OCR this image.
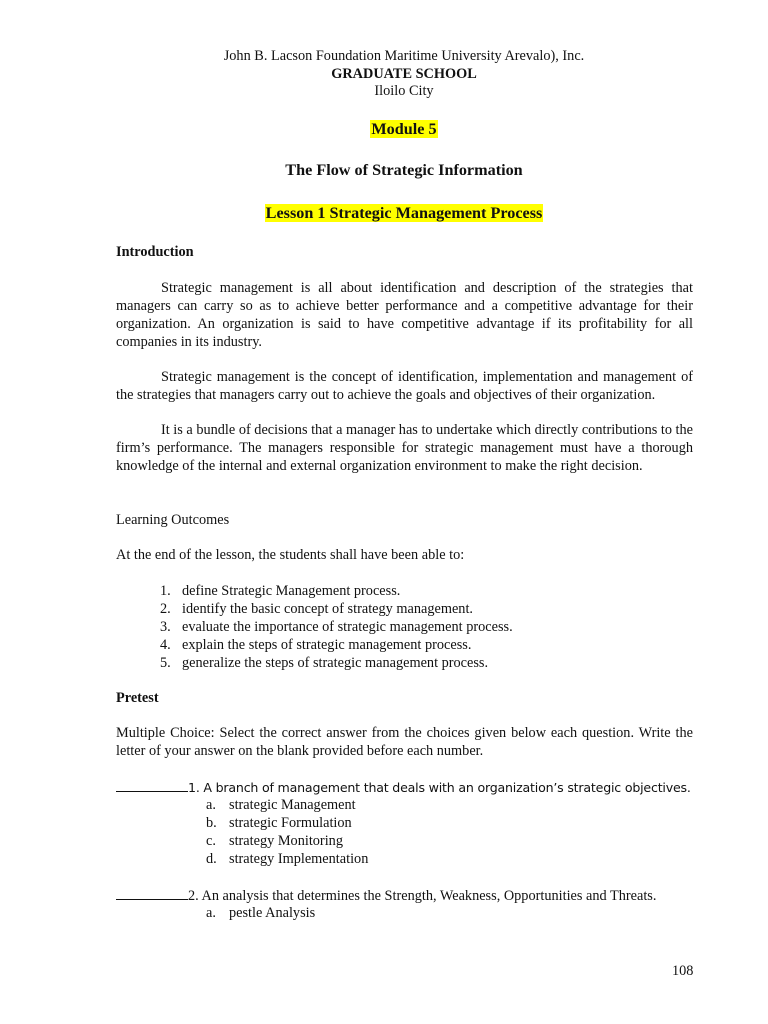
John B. Lacson Foundation Maritime University Arevalo), Inc.
GRADUATE SCHOOL
Iloilo City
Module 5
The Flow of Strategic Information
Lesson 1 Strategic Management Process
Introduction
Strategic management is all about identification and description of the strategies that managers can carry so as to achieve better performance and a competitive advantage for their organization. An organization is said to have competitive advantage if its profitability for all companies in its industry.
Strategic management is the concept of identification, implementation and management of the strategies that managers carry out to achieve the goals and objectives of their organization.
It is a bundle of decisions that a manager has to undertake which directly contributions to the firm’s performance. The managers responsible for strategic management must have a thorough knowledge of the internal and external organization environment to make the right decision.
Learning Outcomes
At the end of the lesson, the students shall have been able to:
1. define Strategic Management process.
2. identify the basic concept of strategy management.
3. evaluate the importance of strategic management process.
4. explain the steps of strategic management process.
5. generalize the steps of strategic management process.
Pretest
Multiple Choice: Select the correct answer from the choices given below each question. Write the letter of your answer on the blank provided before each number.
1. A branch of management that deals with an organization’s strategic objectives.
a. strategic Management
b. strategic Formulation
c. strategy Monitoring
d. strategy Implementation
2. An analysis that determines the Strength, Weakness, Opportunities and Threats.
a. pestle Analysis
108
